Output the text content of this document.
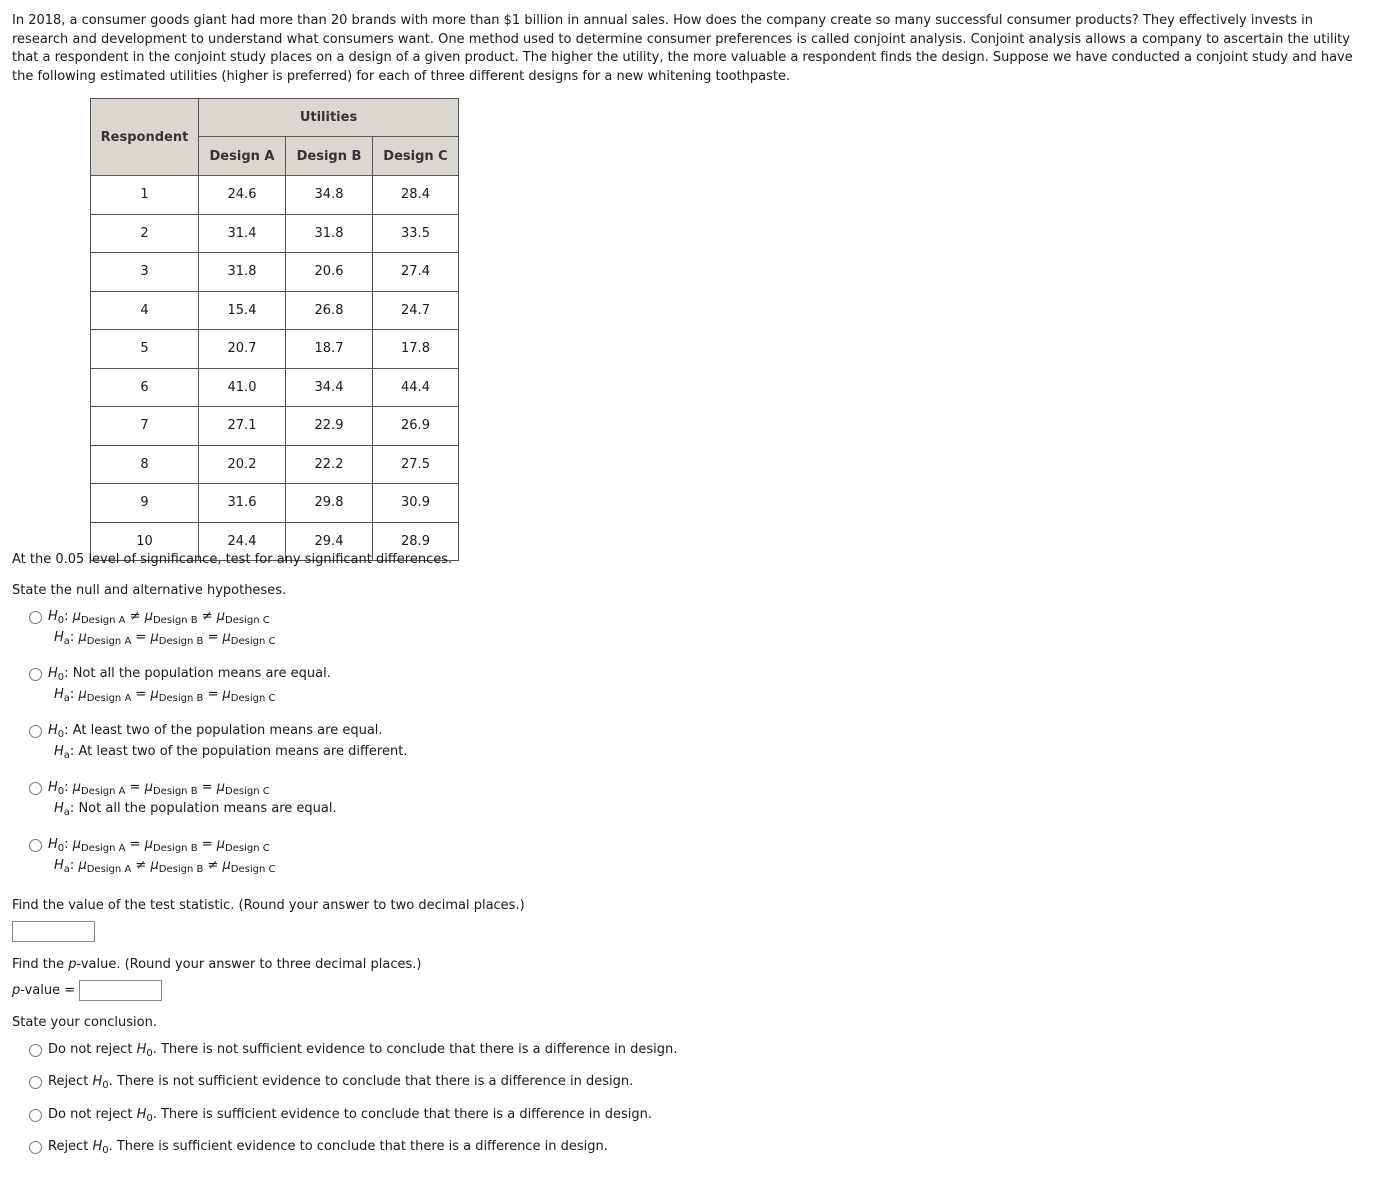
In 2018, a consumer goods giant had more than 20 brands with more than $1 billion in annual sales. How does the company create so many successful consumer products? They effectively invests in research and development to understand what consumers want. One method used to determine consumer preferences is called conjoint analysis. Conjoint analysis allows a company to ascertain the utility that a respondent in the conjoint study places on a design of a given product. The higher the utility, the more valuable a respondent finds the design. Suppose we have conducted a conjoint study and have the following estimated utilities (higher is preferred) for each of three different designs for a new whitening toothpaste.

Respondent	Utilities		
	Design A	Design B	Design C
1	24.6	34.8	28.4
2	31.4	31.8	33.5
3	31.8	20.6	27.4
4	15.4	26.8	24.7
5	20.7	18.7	17.8
6	41.0	34.4	44.4
7	27.1	22.9	26.9
8	20.2	22.2	27.5
9	31.6	29.8	30.9
10	24.4	29.4	28.9
At the 0.05 level of significance, test for any significant differences.
State the null and alternative hypotheses.
$H_0$: $\mu_{Design A} \ne \mu_{Design B} \ne \mu_{Design C}$
$H_a$: $\mu_{Design A} = \mu_{Design B} = \mu_{Design C}$
$H_0$: Not all the population means are equal.
$H_a$: $\mu_{Design A} = \mu_{Design B} = \mu_{Design C}$
$H_0$: At least two of the population means are equal.
$H_a$: At least two of the population means are different.
$H_0$: $\mu_{Design A} = \mu_{Design B} = \mu_{Design C}$
$H_a$: Not all the population means are equal.
$H_0$: $\mu_{Design A} = \mu_{Design B} = \mu_{Design C}$
$H_a$: $\mu_{Design A} \ne \mu_{Design B} \ne \mu_{Design C}$
Find the value of the test statistic. (Round your answer to two decimal places.)
Find the p-value. (Round your answer to three decimal places.)
p-value =
State your conclusion.
Do not reject $H_0$. There is not sufficient evidence to conclude that there is a difference in design.
Reject $H_0$. There is not sufficient evidence to conclude that there is a difference in design.
Do not reject $H_0$. There is sufficient evidence to conclude that there is a difference in design.
Reject $H_0$. There is sufficient evidence to conclude that there is a difference in design.
